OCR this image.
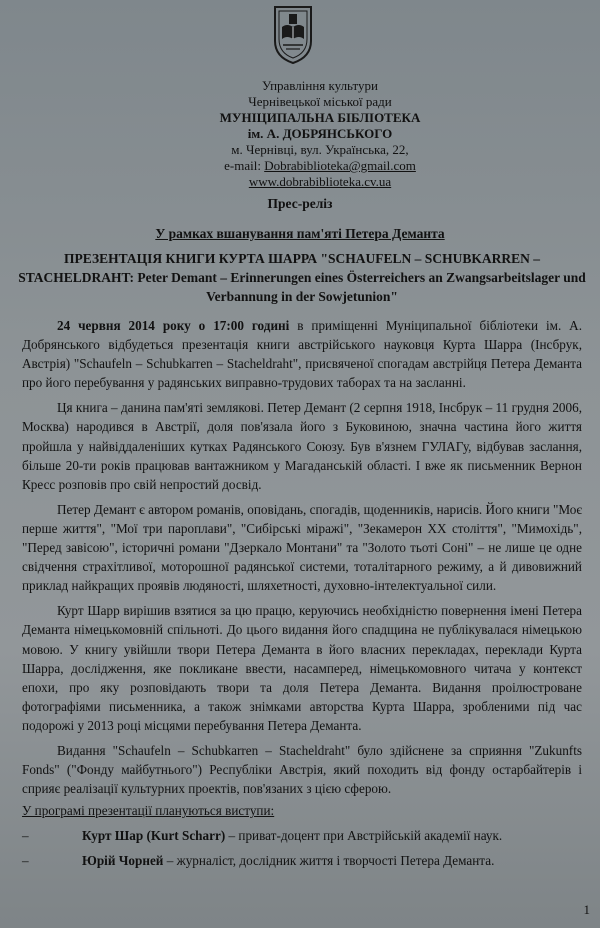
Управління культури
Чернівецької міської ради
МУНІЦИПАЛЬНА БІБЛІОТЕКА
ім. А. ДОБРЯНСЬКОГО
м. Чернівці, вул. Українська, 22,
e-mail: Dobrabiblioteka@gmail.com
www.dobrabiblioteka.cv.ua
Прес-реліз
У рамках вшанування пам'яті Петера Деманта
ПРЕЗЕНТАЦІЯ КНИГИ КУРТА ШАРРА "SCHAUFELN – SCHUBKARREN – STACHELDRAHT: Peter Demant – Erinnerungen eines Österreichers an Zwangsarbeitslager und Verbannung in der Sowjetunion"

24 червня 2014 року о 17:00 годині в приміщенні Муніципальної бібліотеки ім. А. Добрянського відбудеться презентація книги австрійського науковця Курта Шарра (Інсбрук, Австрія) "Schaufeln – Schubkarren – Stacheldraht", присвяченої спогадам австрійця Петера Деманта про його перебування у радянських виправно-трудових таборах та на засланні.

Ця книга – данина пам'яті землякові. Петер Демант (2 серпня 1918, Інсбрук – 11 грудня 2006, Москва) народився в Австрії, доля пов'язала його з Буковиною, значна частина його життя пройшла у найвіддаленіших кутках Радянського Союзу. Був в'язнем ГУЛАГу, відбував заслання, більше 20-ти років працював вантажником у Магаданській області. І вже як письменник Вернон Кресс розповів про свій непростий досвід.

Петер Демант є автором романів, оповідань, спогадів, щоденників, нарисів. Його книги "Моє перше життя", "Мої три пароплави", "Сибірські міражі", "Зекамерон XX століття", "Мимохідь", "Перед завісою", історичні романи "Дзеркало Монтани" та "Золото тьоті Соні" – не лише це одне свідчення страхітливої, моторошної радянської системи, тоталітарного режиму, а й дивовижний приклад найкращих проявів людяності, шляхетності, духовно-інтелектуальної сили.

Курт Шарр вирішив взятися за цю працю, керуючись необхідністю повернення імені Петера Деманта німецькомовній спільноті. До цього видання його спадщина не публікувалася німецькою мовою. У книгу увійшли твори Петера Деманта в його власних перекладах, переклади Курта Шарра, дослідження, яке покликане ввести, насамперед, німецькомовного читача у контекст епохи, про яку розповідають твори та доля Петера Деманта. Видання проілюстроване фотографіями письменника, а також знімками авторства Курта Шарра, зробленими під час подорожі у 2013 році місцями перебування Петера Деманта.

Видання "Schaufeln – Schubkarren – Stacheldraht" було здійснене за сприяння "Zukunfts Fonds" ("Фонду майбутнього") Республіки Австрія, який походить від фонду остарбайтерів і сприяє реалізації культурних проектів, пов'язаних з цією сферою.

У програмі презентації плануються виступи:
–	Курт Шар (Kurt Scharr) – приват-доцент при Австрійській академії наук.
–	Юрій Чорней – журналіст, дослідник життя і творчості Петера Деманта.
1
